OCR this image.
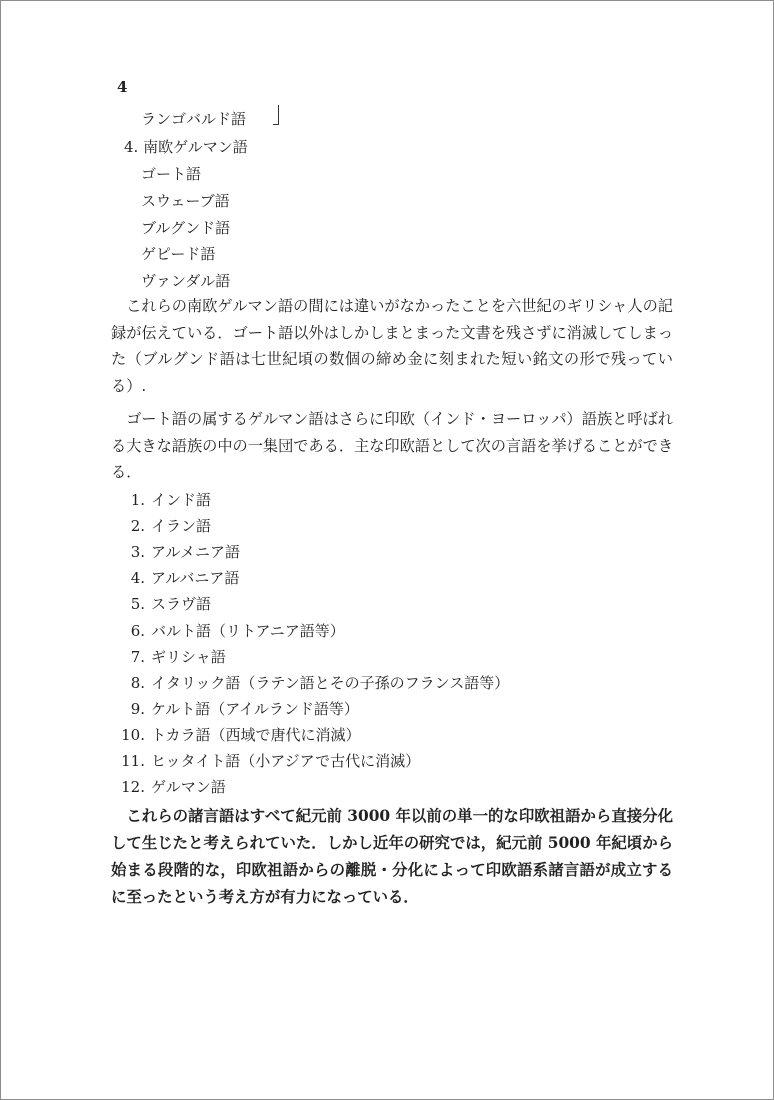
4
ランゴバルド語
4. 南欧ゲルマン語
ゴート語
スウェーブ語
ブルグンド語
ゲピード語
ヴァンダル語

これらの南欧ゲルマン語の間には違いがなかったことを六世紀のギリシャ人の記録が伝えている．ゴート語以外はしかしまとまった文書を残さずに消滅してしまった（ブルグンド語は七世紀頃の数個の締め金に刻まれた短い銘文の形で残っている）.

ゴート語の属するゲルマン語はさらに印欧（インド・ヨーロッパ）語族と呼ばれる大きな語族の中の一集団である．主な印欧語として次の言語を挙げることができる．

1. インド語
2. イラン語
3. アルメニア語
4. アルバニア語
5. スラヴ語
6. バルト語（リトアニア語等）
7. ギリシャ語
8. イタリック語（ラテン語とその子孫のフランス語等）
9. ケルト語（アイルランド語等）
10. トカラ語（西域で唐代に消滅）
11. ヒッタイト語（小アジアで古代に消滅）
12. ゲルマン語

これらの諸言語はすべて紀元前 3000 年以前の単一的な印欧祖語から直接分化して生じたと考えられていた．しかし近年の研究では，紀元前 5000 年紀頃から始まる段階的な，印欧祖語からの離脱・分化によって印欧語系諸言語が成立するに至ったという考え方が有力になっている．
